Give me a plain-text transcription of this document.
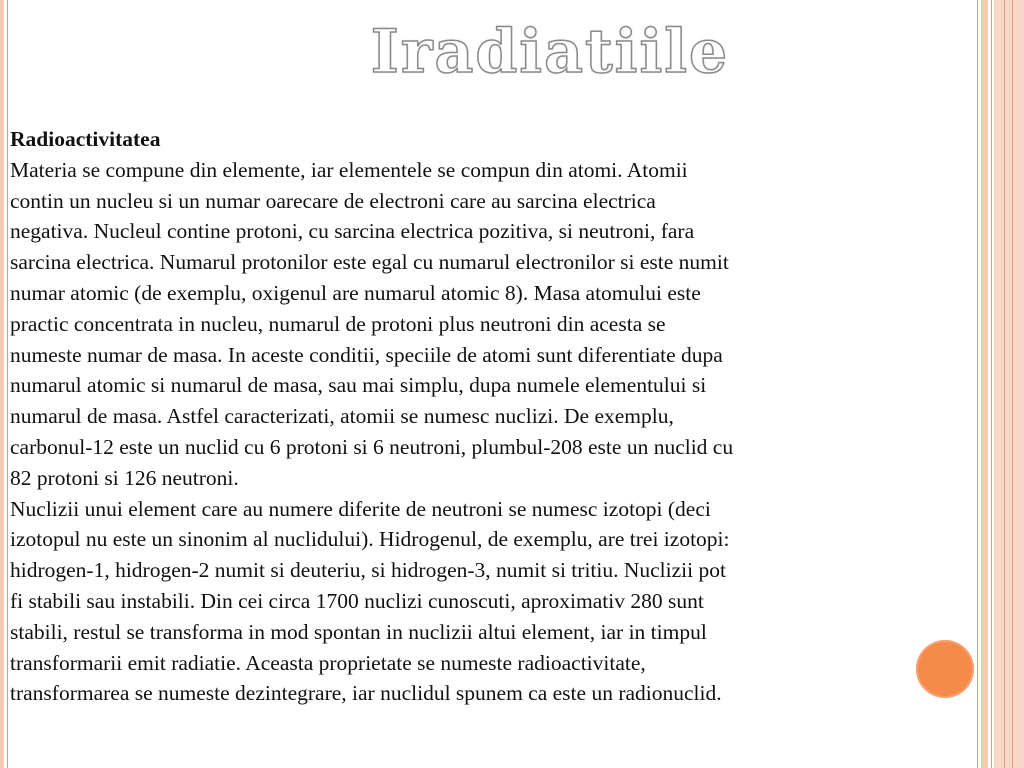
Iradiatiile
Radioactivitatea
Materia se compune din elemente, iar elementele se compun din atomi. Atomii
contin un nucleu si un numar oarecare de electroni care au sarcina electrica
negativa. Nucleul contine protoni, cu sarcina electrica pozitiva, si neutroni, fara
sarcina electrica. Numarul protonilor este egal cu numarul electronilor si este numit
numar atomic (de exemplu, oxigenul are numarul atomic 8). Masa atomului este
practic concentrata in nucleu, numarul de protoni plus neutroni din acesta se
numeste numar de masa. In aceste conditii, speciile de atomi sunt diferentiate dupa
numarul atomic si numarul de masa, sau mai simplu, dupa numele elementului si
numarul de masa. Astfel caracterizati, atomii se numesc nuclizi. De exemplu,
carbonul-12 este un nuclid cu 6 protoni si 6 neutroni, plumbul-208 este un nuclid cu
82 protoni si 126 neutroni.
Nuclizii unui element care au numere diferite de neutroni se numesc izotopi (deci
izotopul nu este un sinonim al nuclidului). Hidrogenul, de exemplu, are trei izotopi:
hidrogen-1, hidrogen-2 numit si deuteriu, si hidrogen-3, numit si tritiu. Nuclizii pot
fi stabili sau instabili. Din cei circa 1700 nuclizi cunoscuti, aproximativ 280 sunt
stabili, restul se transforma in mod spontan in nuclizii altui element, iar in timpul
transformarii emit radiatie. Aceasta proprietate se numeste radioactivitate,
transformarea se numeste dezintegrare, iar nuclidul spunem ca este un radionuclid.
